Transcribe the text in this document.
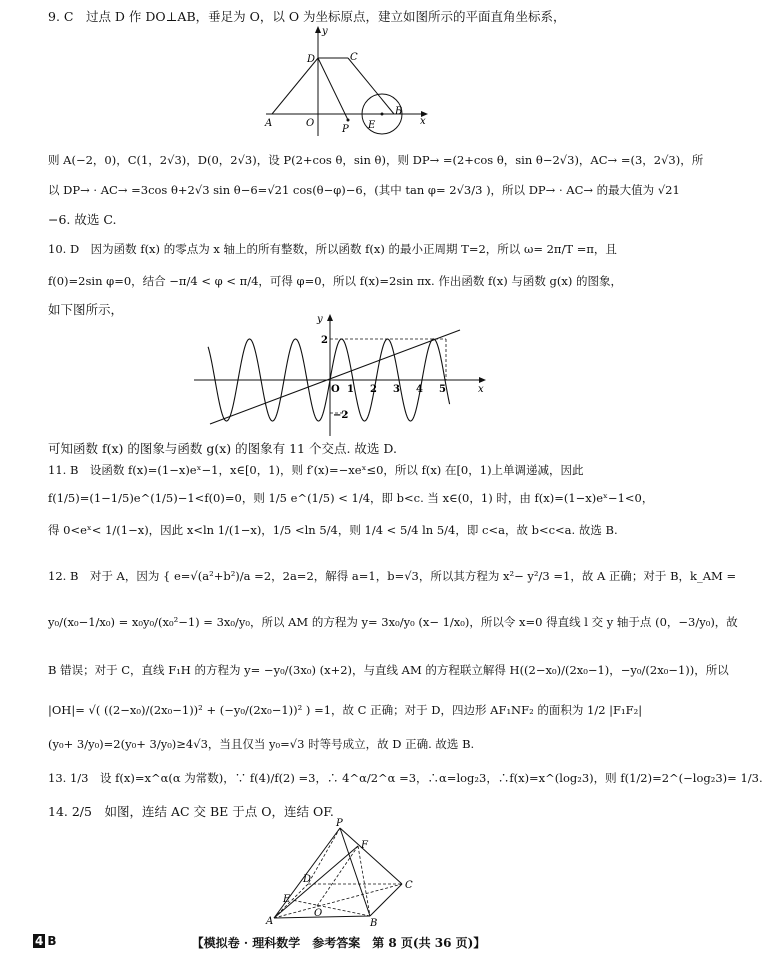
9. C　过点 D 作 DO⊥AB，垂足为 O，以 O 为坐标原点，建立如图所示的平面直角坐标系，
y
x
D	C
A	O
P E
B
则 A(−2，0)，C(1，2√3)，D(0，2√3)，设 P(2+cos θ，sin θ)，则 DP→ =(2+cos θ，sin θ−2√3)，AC→ =(3，2√3)，所
以 DP→ · AC→ =3cos θ+2√3 sin θ−6=√21 cos(θ−φ)−6，(其中 tan φ= 2√3/3 )，所以 DP→ · AC→ 的最大值为 √21
−6. 故选 C.
10. D　因为函数 f(x) 的零点为 x 轴上的所有整数，所以函数 f(x) 的最小正周期 T=2，所以 ω= 2π/T =π，且
f(0)=2sin φ=0，结合 −π/4 < φ < π/4，可得 φ=0，所以 f(x)=2sin πx. 作出函数 f(x) 与函数 g(x) 的图象，
如下图所示，
y
x
2
−2
O 1 2 3 4 5
可知函数 f(x) 的图象与函数 g(x) 的图象有 11 个交点. 故选 D.
11. B　设函数 f(x)=(1−x)eˣ−1，x∈[0，1)，则 f′(x)=−xeˣ≤0，所以 f(x) 在[0，1)上单调递减，因此
f(1/5)=(1−1/5)e^(1/5)−1<f(0)=0，则 1/5 e^(1/5) < 1/4，即 b<c. 当 x∈(0，1) 时，由 f(x)=(1−x)eˣ−1<0，
得 0<eˣ< 1/(1−x)，因此 x<ln 1/(1−x)，1/5 <ln 5/4，则 1/4 < 5/4 ln 5/4，即 c<a，故 b<c<a. 故选 B.
12. B　对于 A，因为 { e=√(a²+b²)/a =2，2a=2，解得 a=1，b=√3，所以其方程为 x²− y²/3 =1，故 A 正确；对于 B，k_AM =
y₀/(x₀−1/x₀) = x₀y₀/(x₀²−1) = 3x₀/y₀，所以 AM 的方程为 y= 3x₀/y₀ (x− 1/x₀)，所以令 x=0 得直线 l 交 y 轴于点 (0，−3/y₀)，故
B 错误；对于 C，直线 F₁H 的方程为 y= −y₀/(3x₀) (x+2)，与直线 AM 的方程联立解得 H((2−x₀)/(2x₀−1)，−y₀/(2x₀−1))，所以
|OH|= √( ((2−x₀)/(2x₀−1))² + (−y₀/(2x₀−1))² ) =1，故 C 正确；对于 D，四边形 AF₁NF₂ 的面积为 1/2 |F₁F₂|
(y₀+ 3/y₀)=2(y₀+ 3/y₀)≥4√3，当且仅当 y₀=√3 时等号成立，故 D 正确. 故选 B.
13. 1/3　设 f(x)=x^α(α 为常数)，∵ f(4)/f(2) =3，∴ 4^α/2^α =3，∴α=log₂3，∴f(x)=x^(log₂3)，则 f(1/2)=2^(−log₂3)= 1/3.
14. 2/5　如图，连结 AC 交 BE 于点 O，连结 OF.
P
F
C
D
E
O
A	B
4 B	【模拟卷 · 理科数学　参考答案　第 8 页(共 36 页)】
